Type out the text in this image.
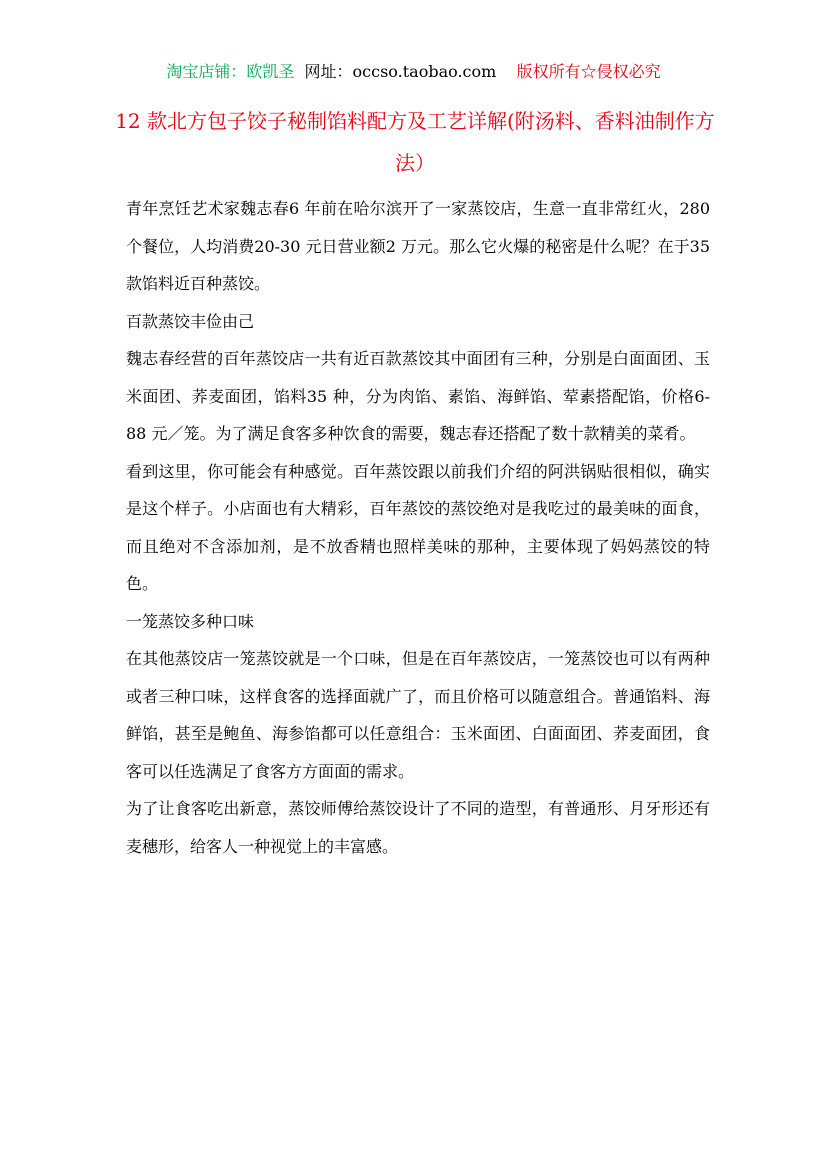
淘宝店铺：欧凯圣 网址：occso.taobao.com 版权所有☆侵权必究
12 款北方包子饺子秘制馅料配方及工艺详解(附汤料、香料油制作方法）

青年烹饪艺术家魏志春6 年前在哈尔滨开了一家蒸饺店，生意一直非常红火，280 个餐位，人均消费20-30 元日营业额2 万元。那么它火爆的秘密是什么呢？在于35 款馅料近百种蒸饺。

百款蒸饺丰俭由己

魏志春经营的百年蒸饺店一共有近百款蒸饺其中面团有三种，分别是白面面团、玉米面团、荞麦面团，馅料35 种，分为肉馅、素馅、海鲜馅、荤素搭配馅，价格6-88 元／笼。为了满足食客多种饮食的需要，魏志春还搭配了数十款精美的菜肴。

看到这里，你可能会有种感觉。百年蒸饺跟以前我们介绍的阿洪锅贴很相似，确实是这个样子。小店面也有大精彩，百年蒸饺的蒸饺绝对是我吃过的最美味的面食，而且绝对不含添加剂，是不放香精也照样美味的那种，主要体现了妈妈蒸饺的特色。

一笼蒸饺多种口味

在其他蒸饺店一笼蒸饺就是一个口味，但是在百年蒸饺店，一笼蒸饺也可以有两种或者三种口味，这样食客的选择面就广了，而且价格可以随意组合。普通馅料、海鲜馅，甚至是鲍鱼、海参馅都可以任意组合：玉米面团、白面面团、荞麦面团，食客可以任选满足了食客方方面面的需求。

为了让食客吃出新意，蒸饺师傅给蒸饺设计了不同的造型，有普通形、月牙形还有麦穗形，给客人一种视觉上的丰富感。
